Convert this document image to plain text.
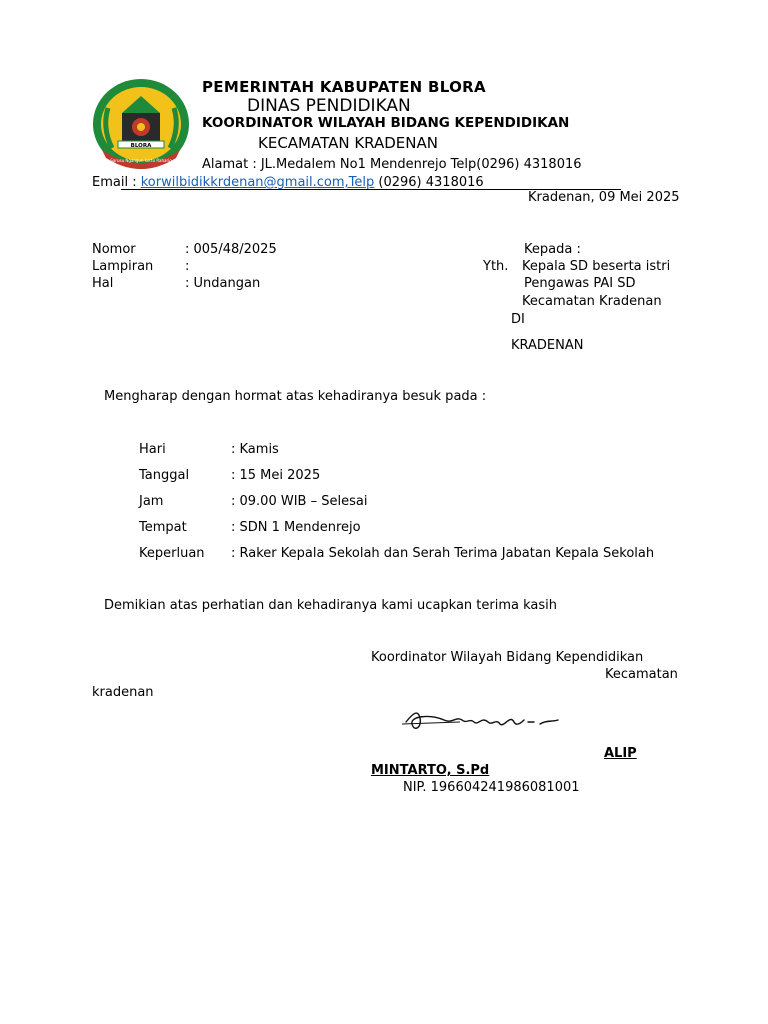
BLORA
Sarusu Ngangun kerto Raharjo
PEMERINTAH KABUPATEN BLORA
DINAS PENDIDIKAN
KOORDINATOR WILAYAH BIDANG KEPENDIDIKAN
KECAMATAN KRADENAN
Alamat : JL.Medalem No1 Mendenrejo Telp(0296) 4318016
Email : korwilbidikkrdenan@gmail.com,Telp (0296) 4318016
Kradenan, 09 Mei 2025
Nomor	: 005/48/2025
Lampiran :
Hal	: Undangan
Kepada :
Yth. Kepala SD beserta istri
Pengawas PAI SD
Kecamatan Kradenan
DI
KRADENAN
Mengharap dengan hormat atas kehadiranya besuk pada :
Hari	: Kamis
Tanggal	: 15 Mei 2025
Jam	: 09.00 WIB – Selesai
Tempat	: SDN 1 Mendenrejo
Keperluan : Raker Kepala Sekolah dan Serah Terima Jabatan Kepala Sekolah
Demikian atas perhatian dan kehadiranya kami ucapkan terima kasih
Koordinator Wilayah Bidang Kependidikan
Kecamatan
kradenan
ALIP
MINTARTO, S.Pd
NIP. 196604241986081001
